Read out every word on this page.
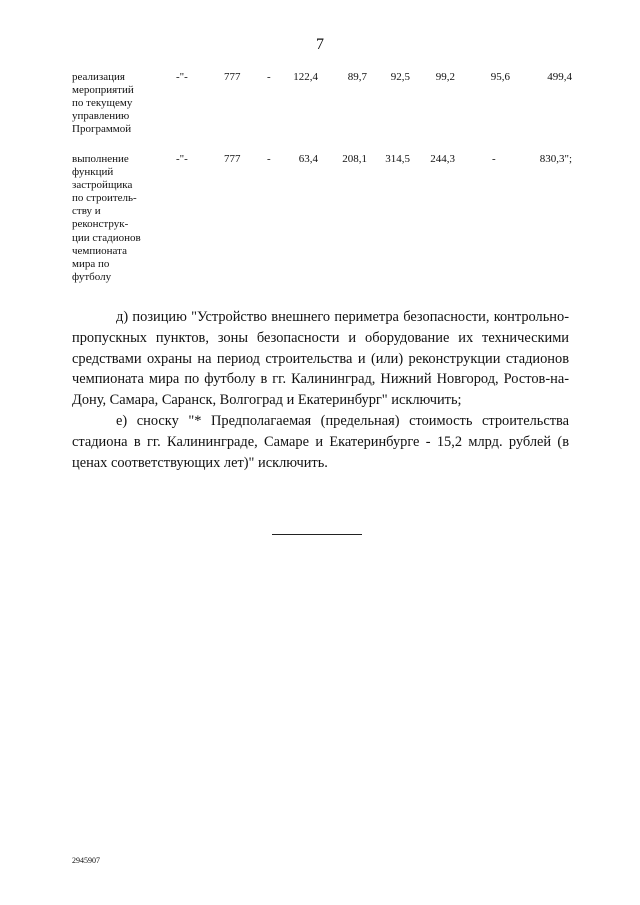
7
реализация
мероприятий
по текущему
управлению
Программой
-"-	777 - 122,4	89,7 92,5 99,2	95,6	499,4
выполнение
функций
застройщика
по строитель-
ству и
реконструк-
ции стадионов
чемпионата
мира по
футболу
-"-	777 -	63,4 208,1 314,5 244,3	-	830,3";

д) позицию "Устройство внешнего периметра безопасности, контрольно-пропускных пунктов, зоны безопасности и оборудование их техническими средствами охраны на период строительства и (или) реконструкции стадионов чемпионата мира по футболу в гг. Калининград, Нижний Новгород, Ростов-на-Дону, Самара, Саранск, Волгоград и Екатеринбург" исключить;

е) сноску "* Предполагаемая (предельная) стоимость строительства стадиона в гг. Калининграде, Самаре и Екатеринбурге - 15,2 млрд. рублей (в ценах соответствующих лет)" исключить.

2945907
